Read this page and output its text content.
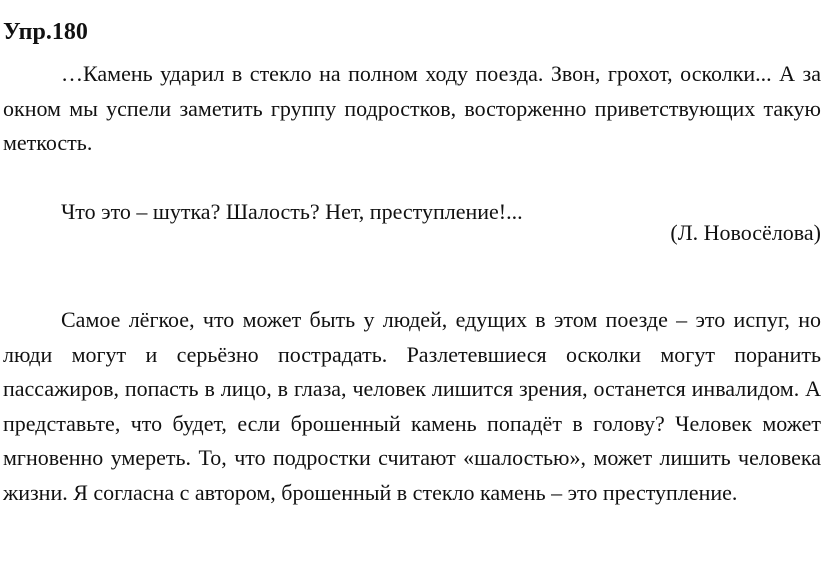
Упр.180

…Камень ударил в стекло на полном ходу поезда. Звон, грохот, осколки... А за окном мы успели заметить группу подростков, восторженно приветствующих такую меткость.

Что это – шутка? Шалость? Нет, преступление!...

(Л. Новосёлова)

Самое лёгкое, что может быть у людей, едущих в этом поезде – это испуг, но люди могут и серьёзно пострадать. Разлетевшиеся осколки могут поранить пассажиров, попасть в лицо, в глаза, человек лишится зрения, останется инвалидом. А представьте, что будет, если брошенный камень попадёт в голову? Человек может мгновенно умереть. То, что подростки считают «шалостью», может лишить человека жизни. Я согласна с автором, брошенный в стекло камень – это преступление.
